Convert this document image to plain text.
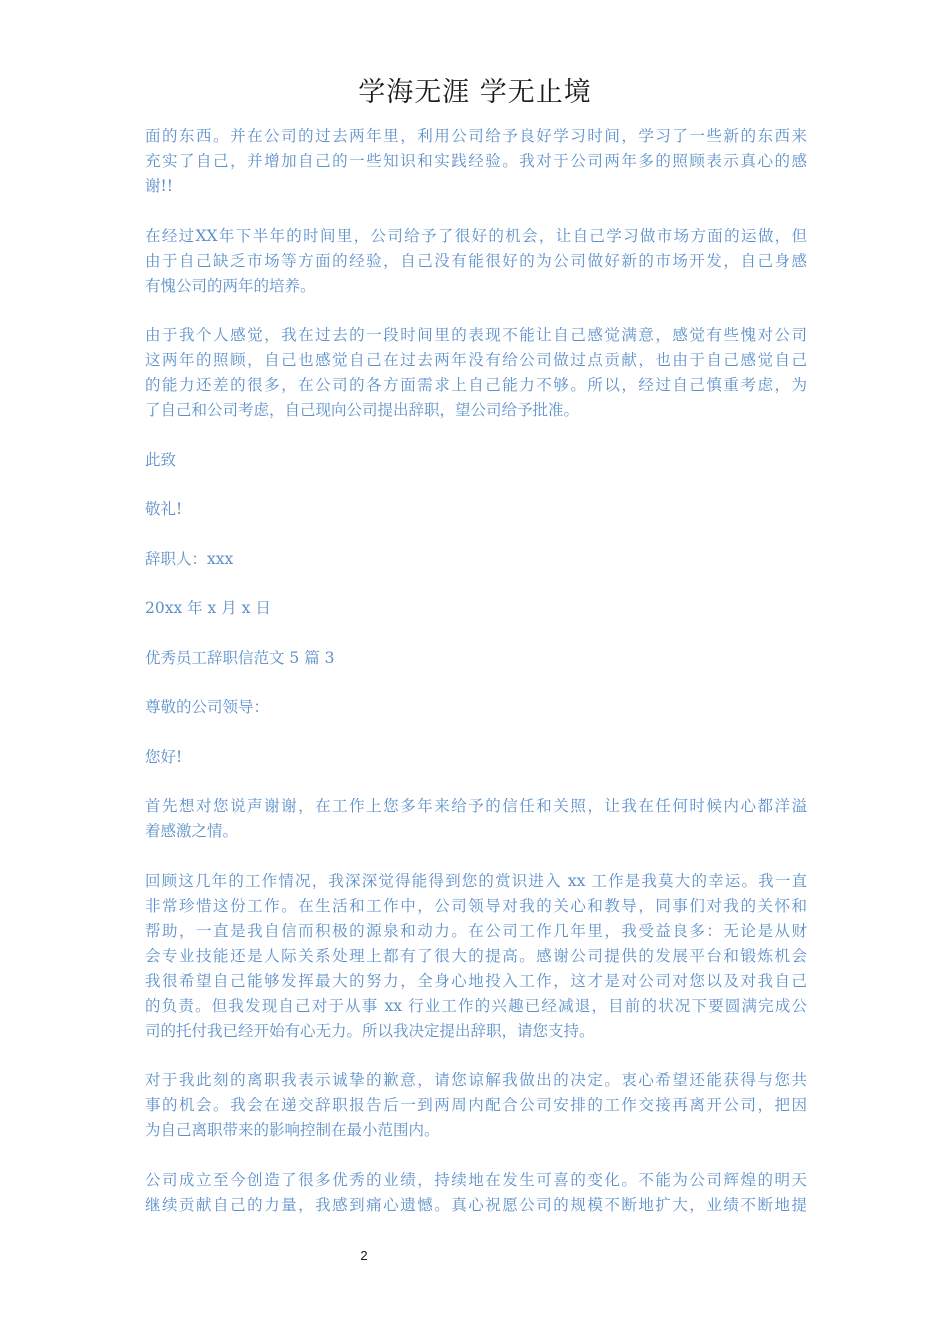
学海无涯 学无止境

面的东西。并在公司的过去两年里，利用公司给予良好学习时间，学习了一些新的东西来
充实了自己，并增加自己的一些知识和实践经验。我对于公司两年多的照顾表示真心的感
谢!!

在经过XX年下半年的时间里，公司给予了很好的机会，让自己学习做市场方面的运做，但
由于自己缺乏市场等方面的经验，自己没有能很好的为公司做好新的市场开发，自己身感
有愧公司的两年的培养。

由于我个人感觉，我在过去的一段时间里的表现不能让自己感觉满意，感觉有些愧对公司
这两年的照顾，自己也感觉自己在过去两年没有给公司做过点贡献，也由于自己感觉自己
的能力还差的很多，在公司的各方面需求上自己能力不够。所以，经过自己慎重考虑，为
了自己和公司考虑，自己现向公司提出辞职，望公司给予批准。

此致

敬礼!

辞职人：xxx

20xx 年 x 月 x 日

优秀员工辞职信范文 5 篇 3

尊敬的公司领导：

您好!

首先想对您说声谢谢，在工作上您多年来给予的信任和关照，让我在任何时候内心都洋溢
着感激之情。

回顾这几年的工作情况，我深深觉得能得到您的赏识进入 xx 工作是我莫大的幸运。我一直
非常珍惜这份工作。在生活和工作中，公司领导对我的关心和教导，同事们对我的关怀和
帮助，一直是我自信而积极的源泉和动力。在公司工作几年里，我受益良多：无论是从财
会专业技能还是人际关系处理上都有了很大的提高。感谢公司提供的发展平台和锻炼机会
我很希望自己能够发挥最大的努力，全身心地投入工作，这才是对公司对您以及对我自己
的负责。但我发现自己对于从事 xx 行业工作的兴趣已经减退，目前的状况下要圆满完成公
司的托付我已经开始有心无力。所以我决定提出辞职，请您支持。

对于我此刻的离职我表示诚挚的歉意，请您谅解我做出的决定。衷心希望还能获得与您共
事的机会。我会在递交辞职报告后一到两周内配合公司安排的工作交接再离开公司，把因
为自己离职带来的影响控制在最小范围内。

公司成立至今创造了很多优秀的业绩，持续地在发生可喜的变化。不能为公司辉煌的明天
继续贡献自己的力量，我感到痛心遗憾。真心祝愿公司的规模不断地扩大，业绩不断地提

2
